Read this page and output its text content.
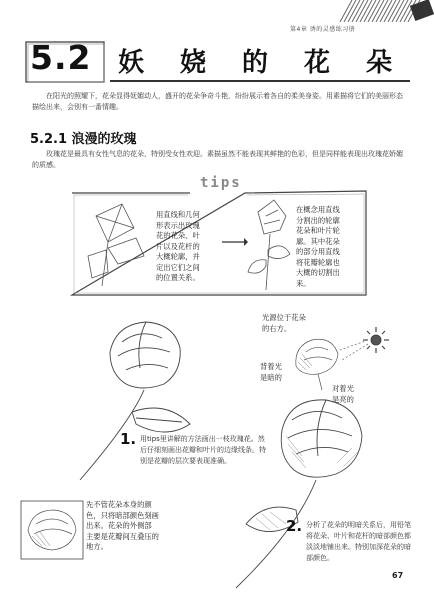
第4章 诱的灵感练习册
5.2 妖 娆 的 花 朵
在阳光的照耀下，花朵显得妩媚动人，盛开的花朵争奇斗艳，纷纷展示着各自的柔美身姿。用素描将它们的美丽形态描绘出来，会别有一番情趣。
5.2.1 浪漫的玫瑰
玫瑰花是最具有女性气息的花朵，特别受女性欢迎。素描虽然不能表现其鲜艳的色彩，但是同样能表现出玫瑰花娇媚的质感。
tips
用直线和几何
形表示出玫瑰
花的花朵、叶
片以及花杆的
大概轮廓，并
定出它们之间
的位置关系。
在概念用直线
分割出的轮廓
花朵和叶片轮
廓。其中花朵
的部分用直线
将花瓣轮廓也
大概的切割出
来。
光源位于花朵
的右方。
背着光
是暗的
对着光
是亮的
1. 用tips里讲解的方法画出一枝玫瑰花。然后仔细刻画出花瓣和叶片的边缘线条。特别是花瓣的层次要表现准确。
先不管花朵本身的颜
色，只将暗部颜色刻画
出来。花朵的外侧部
主要是花瓣间互叠压的
地方。
2. 分析了花朵的明暗关系后，用铅笔将花朵、叶片和花杆的暗部颜色都淡淡地铺出来。特别加深花朵的暗部颜色。
67
